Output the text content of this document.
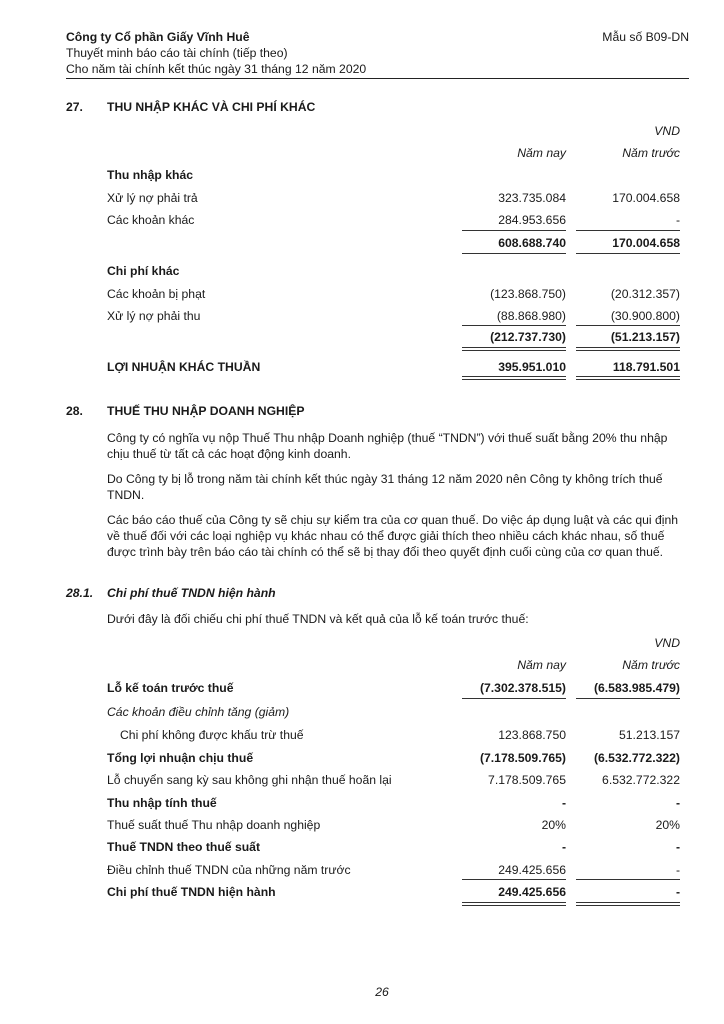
Công ty Cổ phần Giấy Vĩnh Huê
Thuyết minh báo cáo tài chính (tiếp theo)
Cho năm tài chính kết thúc ngày 31 tháng 12 năm 2020
Mẫu số B09-DN
27. THU NHẬP KHÁC VÀ CHI PHÍ KHÁC
VND
Năm nay	Năm trước
Thu nhập khác
Xử lý nợ phải trả	323.735.084	170.004.658
Các khoản khác	284.953.656	-
608.688.740	170.004.658
Chi phí khác
Các khoản bị phạt	(123.868.750)	(20.312.357)
Xử lý nợ phải thu	(88.868.980)	(30.900.800)
(212.737.730)	(51.213.157)
LỢI NHUẬN KHÁC THUẦN	395.951.010	118.791.501
28. THUẾ THU NHẬP DOANH NGHIỆP
Công ty có nghĩa vụ nộp Thuế Thu nhập Doanh nghiệp (thuế “TNDN”) với thuế suất bằng 20% thu nhập chịu thuế từ tất cả các hoạt động kinh doanh.
Do Công ty bị lỗ trong năm tài chính kết thúc ngày 31 tháng 12 năm 2020 nên Công ty không trích thuế TNDN.
Các báo cáo thuế của Công ty sẽ chịu sự kiểm tra của cơ quan thuế. Do việc áp dụng luật và các qui định về thuế đối với các loại nghiệp vụ khác nhau có thể được giải thích theo nhiều cách khác nhau, số thuế được trình bày trên báo cáo tài chính có thể sẽ bị thay đổi theo quyết định cuối cùng của cơ quan thuế.
28.1. Chi phí thuế TNDN hiện hành
Dưới đây là đối chiếu chi phí thuế TNDN và kết quả của lỗ kế toán trước thuế:
VND
Năm nay	Năm trước
Lỗ kế toán trước thuế	(7.302.378.515)	(6.583.985.479)
Các khoản điều chỉnh tăng (giảm)
Chi phí không được khấu trừ thuế	123.868.750	51.213.157
Tổng lợi nhuận chịu thuế	(7.178.509.765)	(6.532.772.322)
Lỗ chuyển sang kỳ sau không ghi nhận thuế hoãn lại	7.178.509.765	6.532.772.322
Thu nhập tính thuế	-	-
Thuế suất thuế Thu nhập doanh nghiệp	20%	20%
Thuế TNDN theo thuế suất	-	-
Điều chỉnh thuế TNDN của những năm trước	249.425.656	-
Chi phí thuế TNDN hiện hành	249.425.656	-
26
